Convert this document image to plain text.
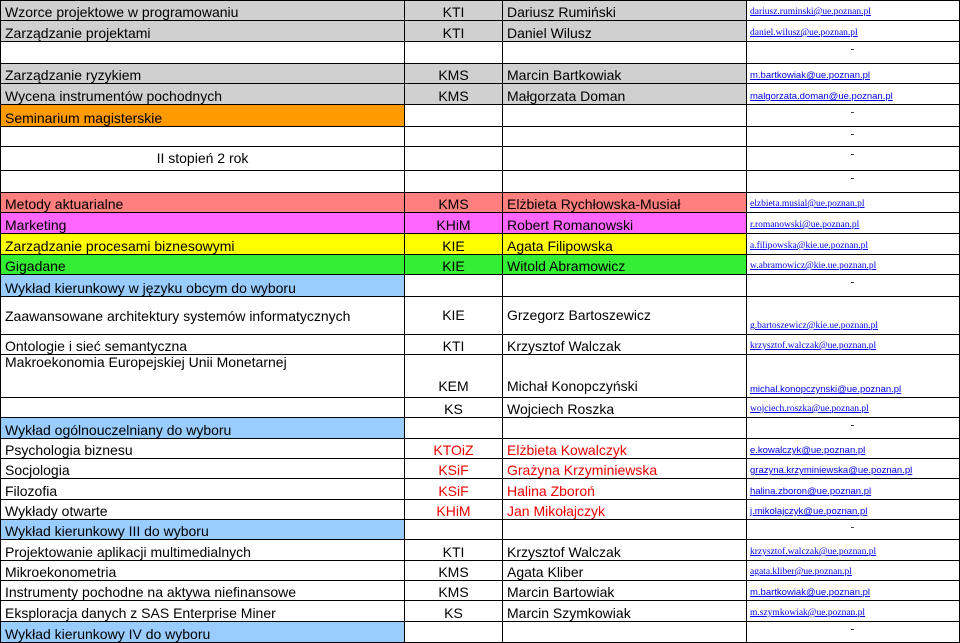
Wzorce projektowe w programowaniu	KTI	Dariusz Rumiński	dariusz.ruminski@ue.poznan.pl
Zarządzanie projektami	KTI	Daniel Wilusz	daniel.wilusz@ue.poznan.pl
			-
Zarządzanie ryzykiem	KMS	Marcin Bartkowiak	m.bartkowiak@ue.poznan.pl
Wycena instrumentów pochodnych	KMS	Małgorzata Doman	malgorzata.doman@ue.poznan.pl
Seminarium magisterskie			-
			-
II stopień 2 rok			-
			-
Metody aktuarialne	KMS	Elżbieta Rychłowska-Musiał	elzbieta.musial@ue.poznan.pl
Marketing	KHiM	Robert Romanowski	r.romanowski@ue.poznan.pl
Zarządzanie procesami biznesowymi	KIE	Agata Filipowska	a.filipowska@kie.ue.poznan.pl
Gigadane	KIE	Witold Abramowicz	w.abramowicz@kie.ue.poznan.pl
Wykład kierunkowy w języku obcym do wyboru			-
Zaawansowane architektury systemów informatycznych	KIE	Grzegorz Bartoszewicz	g.bartoszewicz@kie.ue.poznan.pl
Ontologie i sieć semantyczna	KTI	Krzysztof Walczak	krzysztof.walczak@ue.poznan.pl
Makroekonomia Europejskiej Unii Monetarnej	KEM	Michał Konopczyński	michal.konopczynski@ue.poznan.pl
	KS	Wojciech Roszka	wojciech.roszka@ue.poznan.pl
Wykład ogólnouczelniany do wyboru			-
Psychologia biznesu	KTOiZ	Elżbieta Kowalczyk	e.kowalczyk@ue.poznan.pl
Socjologia	KSiF	Grażyna Krzyminiewska	grazyna.krzyminiewska@ue.poznan.pl
Filozofia	KSiF	Halina Zboroń	halina.zboron@ue.poznan.pl
Wykłady otwarte	KHiM	Jan Mikołajczyk	j.mikolajczyk@ue.poznan.pl
Wykład kierunkowy III do wyboru			-
Projektowanie aplikacji multimedialnych	KTI	Krzysztof Walczak	krzysztof.walczak@ue.poznan.pl
Mikroekonometria	KMS	Agata Kliber	agata.kliber@ue.poznan.pl
Instrumenty pochodne na aktywa niefinansowe	KMS	Marcin Bartowiak	m.bartkowiak@ue.poznan.pl
Eksploracja danych z SAS Enterprise Miner	KS	Marcin Szymkowiak	m.szymkowiak@ue.poznan.pl
Wykład kierunkowy IV do wyboru			-
